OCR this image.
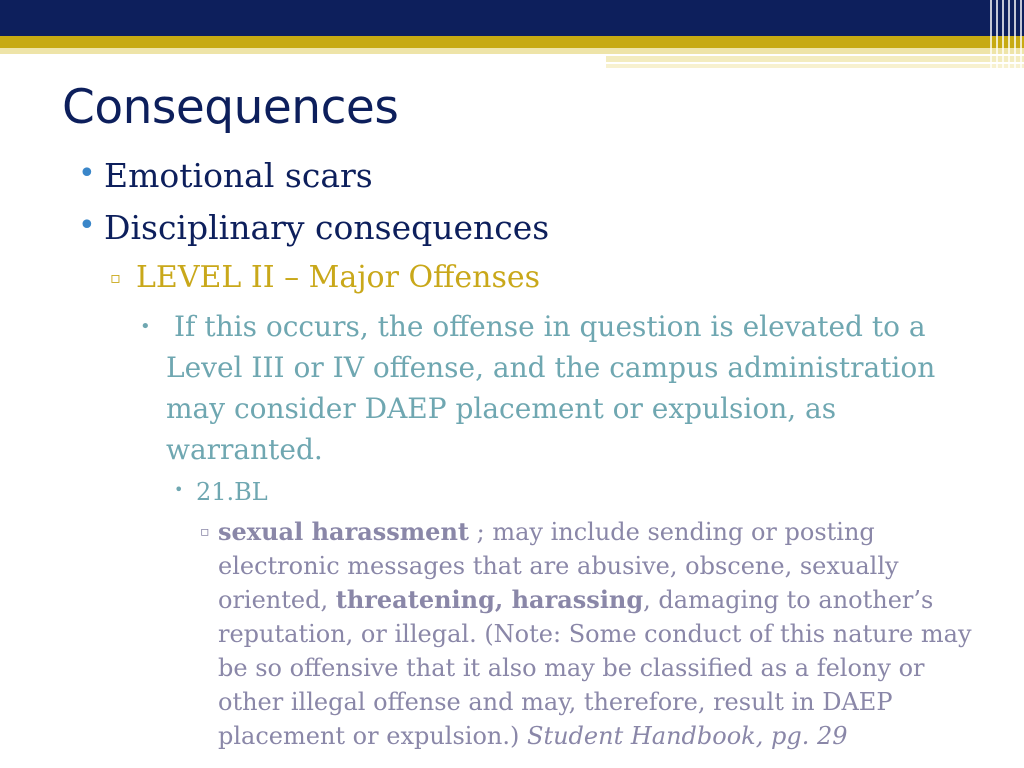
Consequences
• Emotional scars
• Disciplinary consequences
▫ LEVEL II – Major Offenses
• If this occurs, the offense in question is elevated to a Level III or IV offense, and the campus administration may consider DAEP placement or expulsion, as warranted.
• 21.BL
▫ sexual harassment ; may include sending or posting electronic messages that are abusive, obscene, sexually oriented, threatening, harassing, damaging to another’s reputation, or illegal. (Note: Some conduct of this nature may be so offensive that it also may be classified as a felony or other illegal offense and may, therefore, result in DAEP placement or expulsion.) Student Handbook, pg. 29
